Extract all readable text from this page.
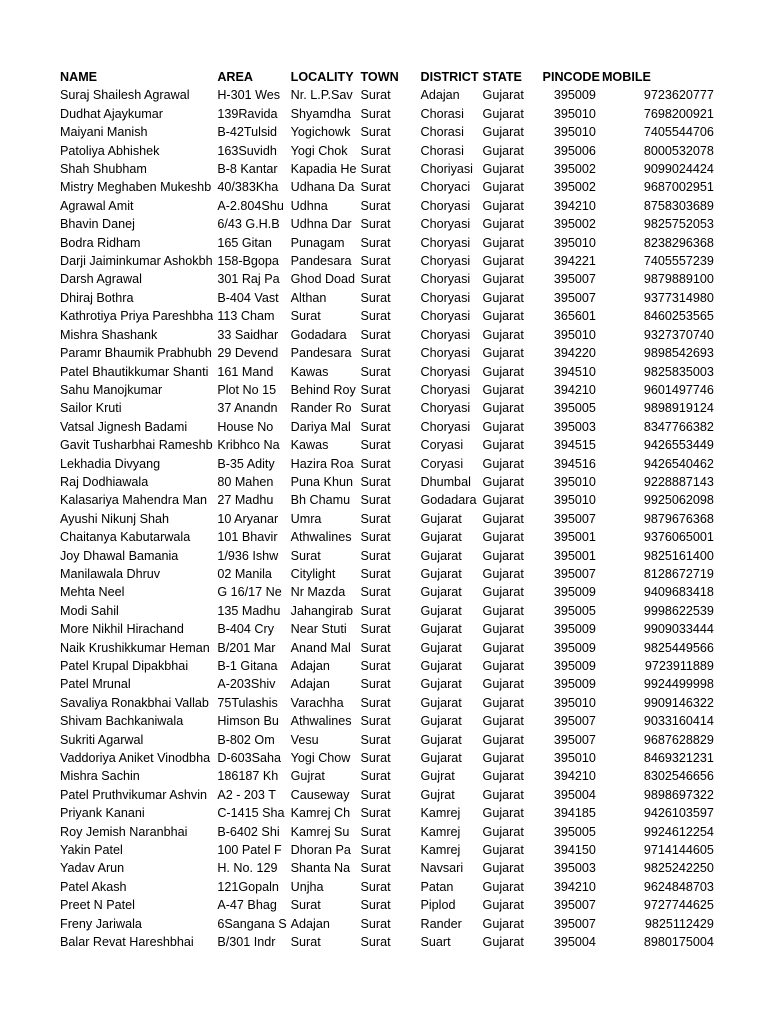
NAME	AREA	LOCALITY	TOWN	DISTRICT	STATE	PINCODE	MOBILE
Suraj Shailesh Agrawal	H-301 Wes	Nr. L.P.Sav	Surat	Adajan	Gujarat	395009	9723620777
Dudhat Ajaykumar	139Ravida	Shyamdha	Surat	Chorasi	Gujarat	395010	7698200921
Maiyani Manish	B-42Tulsid	Yogichowk	Surat	Chorasi	Gujarat	395010	7405544706
Patoliya Abhishek	163Suvidh	Yogi Chok	Surat	Chorasi	Gujarat	395006	8000532078
Shah Shubham	B-8 Kantar	Kapadia He	Surat	Choriyasi	Gujarat	395002	9099024424
Mistry Meghaben Mukeshb	40/383Kha	Udhana Da	Surat	Choryaci	Gujarat	395002	9687002951
Agrawal Amit	A-2.804Shu	Udhna	Surat	Choryasi	Gujarat	394210	8758303689
Bhavin Danej	6/43 G.H.B	Udhna Dar	Surat	Choryasi	Gujarat	395002	9825752053
Bodra Ridham	165 Gitan	Punagam	Surat	Choryasi	Gujarat	395010	8238296368
Darji Jaiminkumar Ashokbh	158-Bgopa	Pandesara	Surat	Choryasi	Gujarat	394221	7405557239
Darsh Agrawal	301 Raj Pa	Ghod Doad	Surat	Choryasi	Gujarat	395007	9879889100
Dhiraj Bothra	B-404 Vast	Althan	Surat	Choryasi	Gujarat	395007	9377314980
Kathrotiya Priya Pareshbha	113 Cham	Surat	Surat	Choryasi	Gujarat	365601	8460253565
Mishra Shashank	33 Saidhar	Godadara	Surat	Choryasi	Gujarat	395010	9327370740
Paramr Bhaumik Prabhubh	29 Devend	Pandesara	Surat	Choryasi	Gujarat	394220	9898542693
Patel Bhautikkumar Shanti	161 Mand	Kawas	Surat	Choryasi	Gujarat	394510	9825835003
Sahu Manojkumar	Plot No 15	Behind Roy	Surat	Choryasi	Gujarat	394210	9601497746
Sailor Kruti	37 Anandn	Rander Ro	Surat	Choryasi	Gujarat	395005	9898919124
Vatsal Jignesh Badami	House No	Dariya Mal	Surat	Choryasi	Gujarat	395003	8347766382
Gavit Tusharbhai Rameshb	Kribhco Na	Kawas	Surat	Coryasi	Gujarat	394515	9426553449
Lekhadia Divyang	B-35 Adity	Hazira Roa	Surat	Coryasi	Gujarat	394516	9426540462
Raj Dodhiawala	80 Mahen	Puna Khun	Surat	Dhumbal	Gujarat	395010	9228887143
Kalasariya Mahendra Man	27 Madhu	Bh Chamu	Surat	Godadara	Gujarat	395010	9925062098
Ayushi Nikunj Shah	10 Aryanar	Umra	Surat	Gujarat	Gujarat	395007	9879676368
Chaitanya Kabutarwala	101 Bhavir	Athwalines	Surat	Gujarat	Gujarat	395001	9376065001
Joy Dhawal Bamania	1/936 Ishw	Surat	Surat	Gujarat	Gujarat	395001	9825161400
Manilawala Dhruv	02 Manila	Citylight	Surat	Gujarat	Gujarat	395007	8128672719
Mehta Neel	G 16/17 Ne	Nr Mazda	Surat	Gujarat	Gujarat	395009	9409683418
Modi Sahil	135 Madhu	Jahangirab	Surat	Gujarat	Gujarat	395005	9998622539
More Nikhil Hirachand	B-404 Cry	Near Stuti	Surat	Gujarat	Gujarat	395009	9909033444
Naik Krushikkumar Heman	B/201 Mar	Anand Mal	Surat	Gujarat	Gujarat	395009	9825449566
Patel Krupal Dipakbhai	B-1 Gitana	Adajan	Surat	Gujarat	Gujarat	395009	9723911889
Patel Mrunal	A-203Shiv	Adajan	Surat	Gujarat	Gujarat	395009	9924499998
Savaliya Ronakbhai Vallab	75Tulashis	Varachha	Surat	Gujarat	Gujarat	395010	9909146322
Shivam Bachkaniwala	Himson Bu	Athwalines	Surat	Gujarat	Gujarat	395007	9033160414
Sukriti Agarwal	B-802 Om	Vesu	Surat	Gujarat	Gujarat	395007	9687628829
Vaddoriya Aniket Vinodbha	D-603Saha	Yogi Chow	Surat	Gujarat	Gujarat	395010	8469321231
Mishra Sachin	186187 Kh	Gujrat	Surat	Gujrat	Gujarat	394210	8302546656
Patel Pruthvikumar Ashvin	A2 - 203 T	Causeway	Surat	Gujrat	Gujarat	395004	9898697322
Priyank Kanani	C-1415 Sha	Kamrej Ch	Surat	Kamrej	Gujarat	394185	9426103597
Roy Jemish Naranbhai	B-6402 Shi	Kamrej Su	Surat	Kamrej	Gujarat	395005	9924612254
Yakin Patel	100 Patel F	Dhoran Pa	Surat	Kamrej	Gujarat	394150	9714144605
Yadav Arun	H. No. 129	Shanta Na	Surat	Navsari	Gujarat	395003	9825242250
Patel Akash	121Gopaln	Unjha	Surat	Patan	Gujarat	394210	9624848703
Preet N Patel	A-47 Bhag	Surat	Surat	Piplod	Gujarat	395007	9727744625
Freny Jariwala	6Sangana S	Adajan	Surat	Rander	Gujarat	395007	9825112429
Balar Revat Hareshbhai	B/301 Indr	Surat	Surat	Suart	Gujarat	395004	8980175004
